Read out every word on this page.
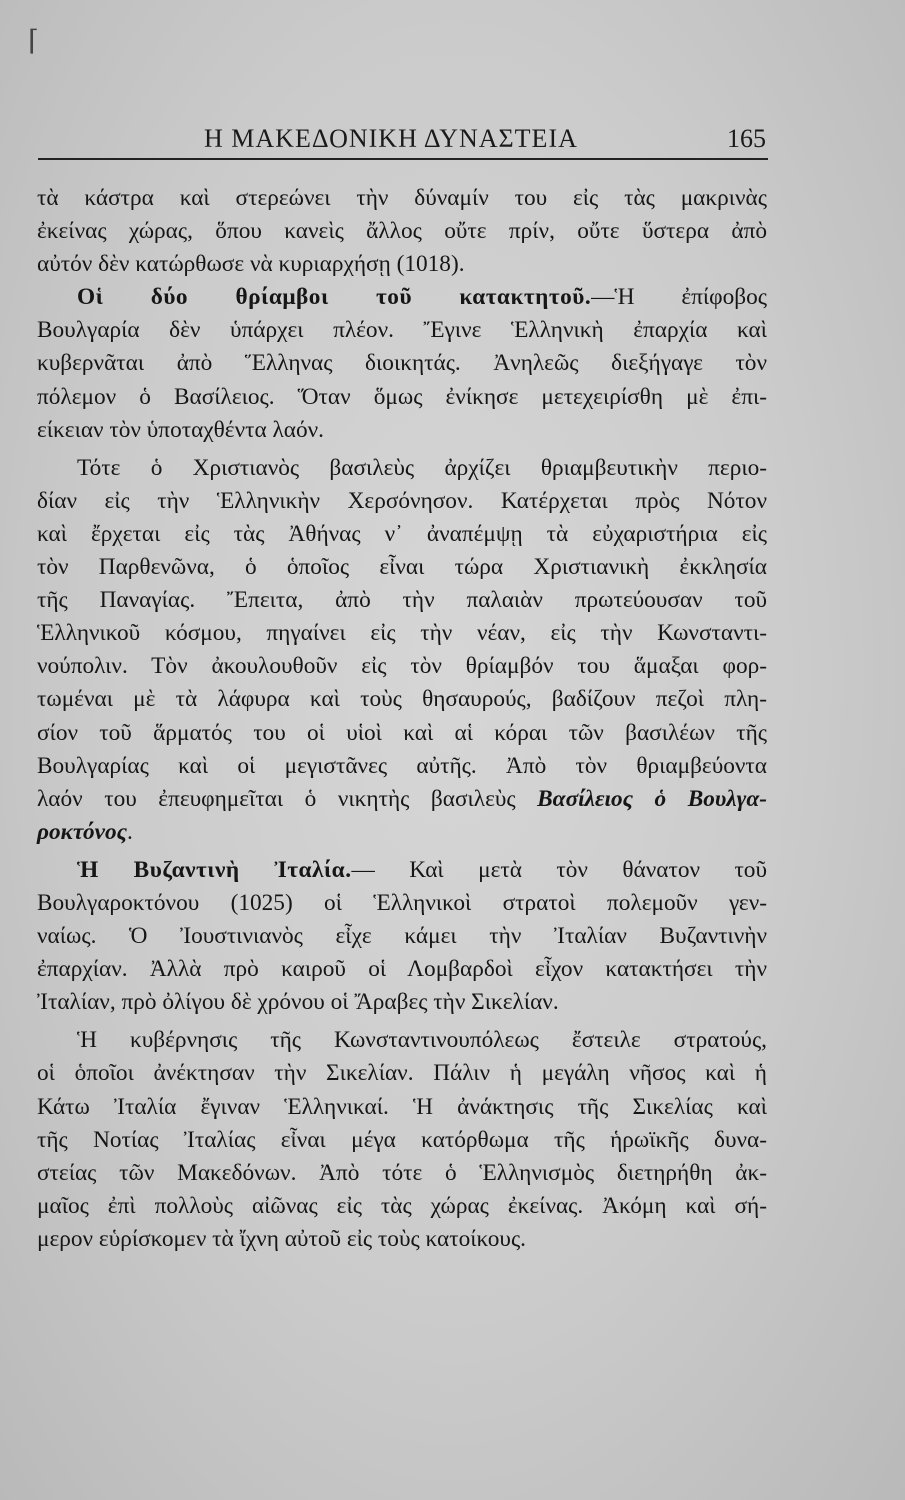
⌈
Η ΜΑΚΕΔΟΝΙΚΗ ΔΥΝΑΣΤΕΙΑ	165
τὰ κάστρα καὶ στερεώνει τὴν δύναμίν του εἰς τὰς μακρινὰς
ἐκείνας χώρας, ὅπου κανεὶς ἄλλος οὔτε πρίν, οὔτε ὕστερα ἀπὸ
αὐτόν δὲν κατώρθωσε νὰ κυριαρχήσῃ (1018).
Οἱ δύο θρίαμβοι τοῦ κατακτητοῦ.—Ἡ ἐπίφοβος
Βουλγαρία δὲν ὑπάρχει πλέον. Ἔγινε Ἑλληνικὴ ἐπαρχία καὶ
κυβερνᾶται ἀπὸ Ἕλληνας διοικητάς. Ἀνηλεῶς διεξήγαγε τὸν
πόλεμον ὁ Βασίλειος. Ὅταν ὅμως ἐνίκησε μετεχειρίσθη μὲ ἐπι-
είκειαν τὸν ὑποταχθέντα λαόν.
Τότε ὁ Χριστιανὸς βασιλεὺς ἀρχίζει θριαμβευτικὴν περιο-
δίαν εἰς τὴν Ἑλληνικὴν Χερσόνησον. Κατέρχεται πρὸς Νότον
καὶ ἔρχεται εἰς τὰς Ἀθήνας ν᾽ ἀναπέμψῃ τὰ εὐχαριστήρια εἰς
τὸν Παρθενῶνα, ὁ ὁποῖος εἶναι τώρα Χριστιανικὴ ἐκκλησία
τῆς Παναγίας. Ἔπειτα, ἀπὸ τὴν παλαιὰν πρωτεύουσαν τοῦ
Ἑλληνικοῦ κόσμου, πηγαίνει εἰς τὴν νέαν, εἰς τὴν Κωνσταντι-
νούπολιν. Τὸν ἀκουλουθοῦν εἰς τὸν θρίαμβόν του ἅμαξαι φορ-
τωμέναι μὲ τὰ λάφυρα καὶ τοὺς θησαυρούς, βαδίζουν πεζοὶ πλη-
σίον τοῦ ἅρματός του οἱ υἱοὶ καὶ αἱ κόραι τῶν βασιλέων τῆς
Βουλγαρίας καὶ οἱ μεγιστᾶνες αὐτῆς. Ἀπὸ τὸν θριαμβεύοντα
λαόν του ἐπευφημεῖται ὁ νικητὴς βασιλεὺς Βασίλειος ὁ Βουλγα-
ροκτόνος.
Ἡ Βυζαντινὴ Ἰταλία.— Καὶ μετὰ τὸν θάνατον τοῦ
Βουλγαροκτόνου (1025) οἱ Ἑλληνικοὶ στρατοὶ πολεμοῦν γεν-
ναίως. Ὁ Ἰουστινιανὸς εἶχε κάμει τὴν Ἰταλίαν Βυζαντινὴν
ἐπαρχίαν. Ἀλλὰ πρὸ καιροῦ οἱ Λομβαρδοὶ εἶχον κατακτήσει τὴν
Ἰταλίαν, πρὸ ὀλίγου δὲ χρόνου οἱ Ἄραβες τὴν Σικελίαν.
Ἡ κυβέρνησις τῆς Κωνσταντινουπόλεως ἔστειλε στρατούς,
οἱ ὁποῖοι ἀνέκτησαν τὴν Σικελίαν. Πάλιν ἡ μεγάλη νῆσος καὶ ἡ
Κάτω Ἰταλία ἔγιναν Ἑλληνικαί. Ἡ ἀνάκτησις τῆς Σικελίας καὶ
τῆς Νοτίας Ἰταλίας εἶναι μέγα κατόρθωμα τῆς ἡρωϊκῆς δυνα-
στείας τῶν Μακεδόνων. Ἀπὸ τότε ὁ Ἑλληνισμὸς διετηρήθη ἀκ-
μαῖος ἐπὶ πολλοὺς αἰῶνας εἰς τὰς χώρας ἐκείνας. Ἀκόμη καὶ σή-
μερον εὑρίσκομεν τὰ ἴχνη αὐτοῦ εἰς τοὺς κατοίκους.
